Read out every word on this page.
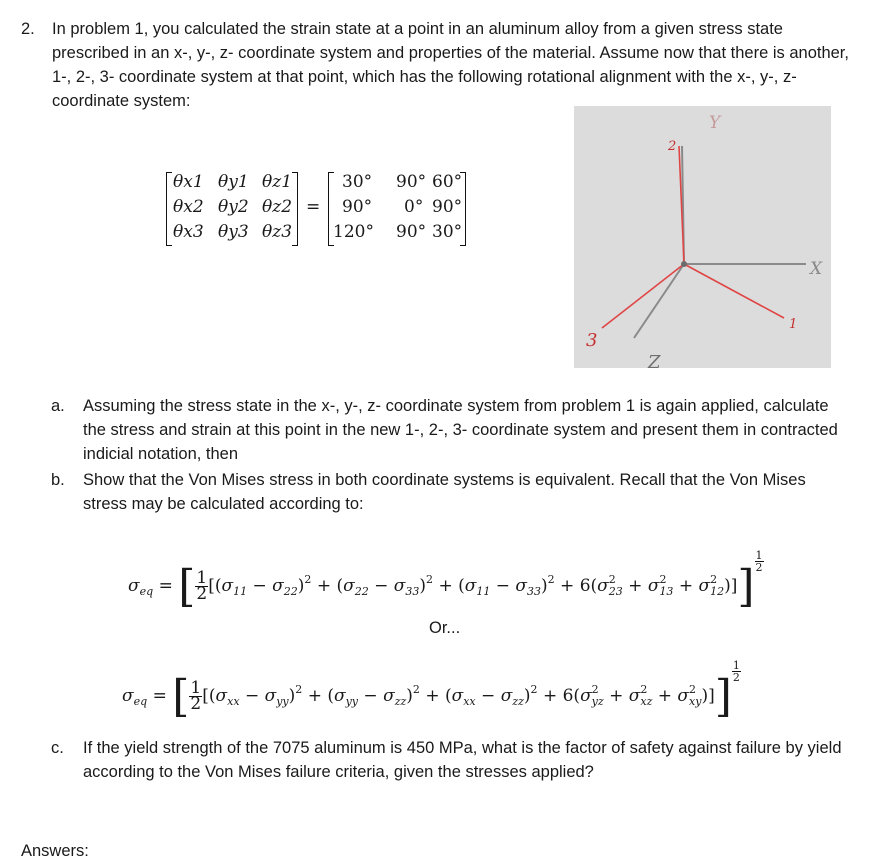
2. In problem 1, you calculated the strain state at a point in an aluminum alloy from a given stress state prescribed in an x-, y-, z- coordinate system and properties of the material. Assume now that there is another, 1-, 2-, 3- coordinate system at that point, which has the following rotational alignment with the x-, y-, z- coordinate system:
θx1 θy1 θz1
θx2 θy2 θz2
θx3 θy3 θz3
=
30° 90° 60°
90° 0° 90°
120° 90° 30°
Y
2
X
1
3
Z
a. Assuming the stress state in the x-, y-, z- coordinate system from problem 1 is again applied, calculate the stress and strain at this point in the new 1-, 2-, 3- coordinate system and present them in contracted indicial notation, then
b. Show that the Von Mises stress in both coordinate systems is equivalent. Recall that the Von Mises stress may be calculated according to:
$\sigma_{eq}$ = [ $\frac{1}{2} [(\sigma_{11} - \sigma_{22})^2 + (\sigma_{22} - \sigma_{33})^2 + (\sigma_{11} - \sigma_{33})^2 + 6(\sigma^2_{23} + \sigma^2_{13} + \sigma^2_{12})]] \frac{1}{2}$
Or...
$\sigma_{eq}$ = [ $\frac{1}{2} [(\sigma_{xx} - \sigma_{yy})^2 + (\sigma_{yy} - \sigma_{zz})^2 + (\sigma_{xx} - \sigma_{zz})^2 + 6(\sigma^2_{yz} + \sigma^2_{xz} + \sigma^2_{xy})]] \frac{1}{2}$
c. If the yield strength of the 7075 aluminum is 450 MPa, what is the factor of safety against failure by yield according to the Von Mises failure criteria, given the stresses applied?
Answers:
